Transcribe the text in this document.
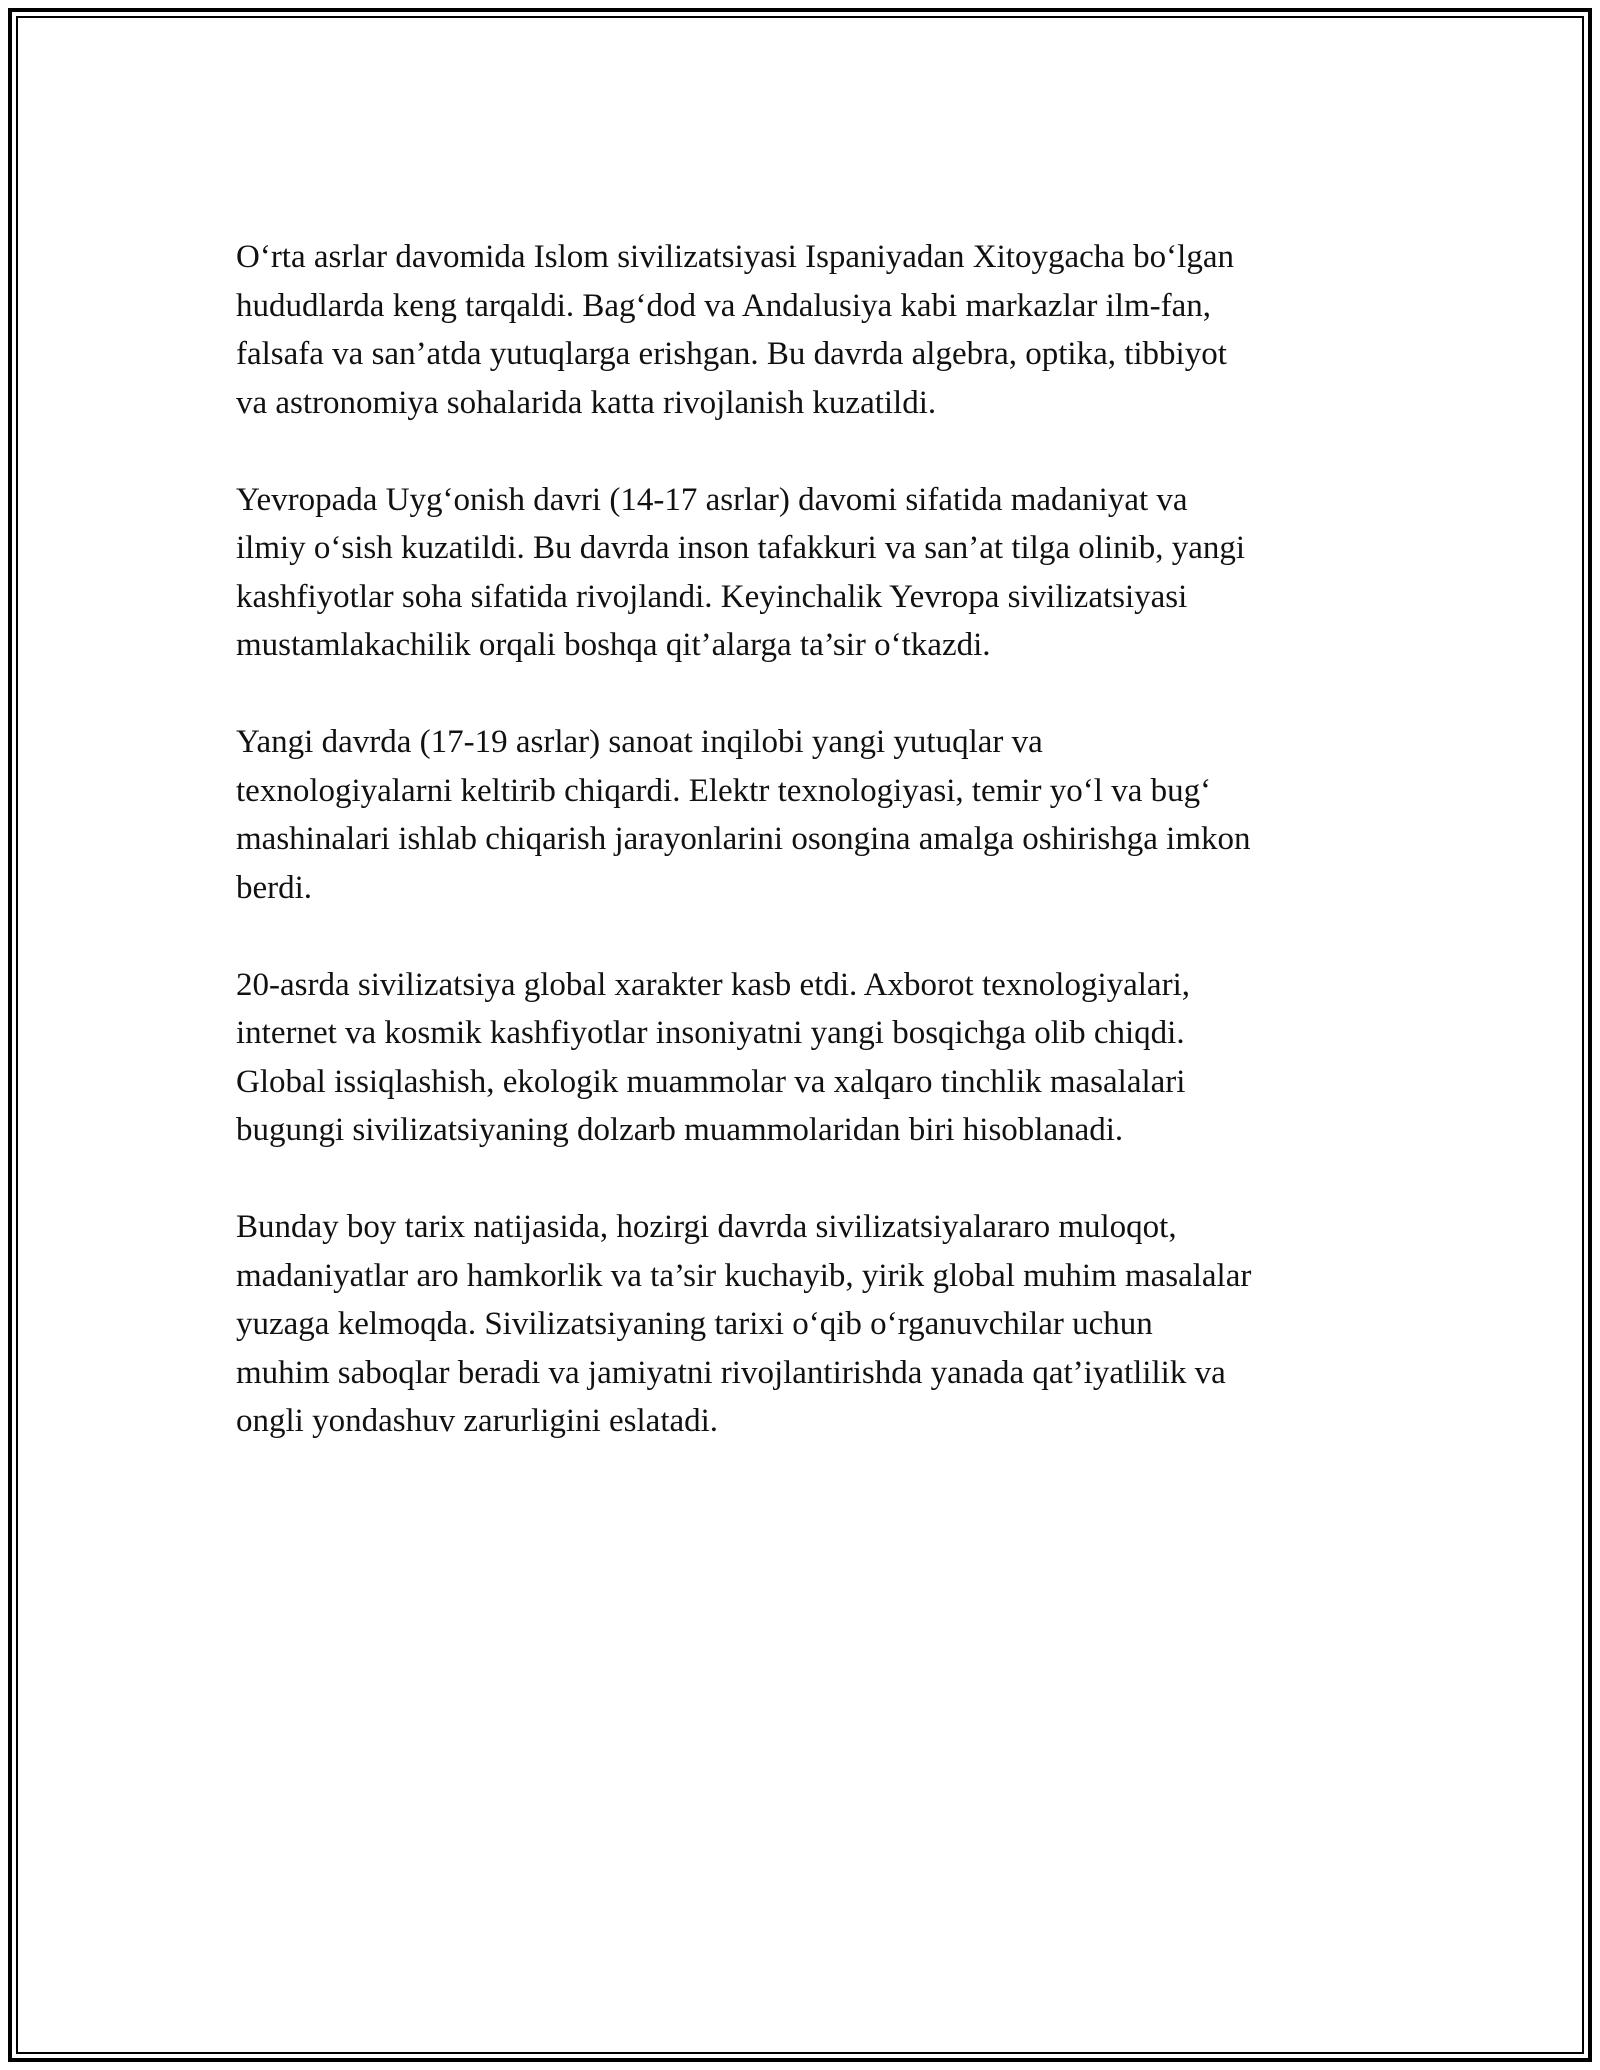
O‘rta asrlar davomida Islom sivilizatsiyasi Ispaniyadan Xitoygacha bo‘lgan
hududlarda keng tarqaldi. Bag‘dod va Andalusiya kabi markazlar ilm-fan,
falsafa va san’atda yutuqlarga erishgan. Bu davrda algebra, optika, tibbiyot
va astronomiya sohalarida katta rivojlanish kuzatildi.

Yevropada Uyg‘onish davri (14-17 asrlar) davomi sifatida madaniyat va
ilmiy o‘sish kuzatildi. Bu davrda inson tafakkuri va san’at tilga olinib, yangi
kashfiyotlar soha sifatida rivojlandi. Keyinchalik Yevropa sivilizatsiyasi
mustamlakachilik orqali boshqa qit’alarga ta’sir o‘tkazdi.

Yangi davrda (17-19 asrlar) sanoat inqilobi yangi yutuqlar va
texnologiyalarni keltirib chiqardi. Elektr texnologiyasi, temir yo‘l va bug‘
mashinalari ishlab chiqarish jarayonlarini osongina amalga oshirishga imkon
berdi.

20-asrda sivilizatsiya global xarakter kasb etdi. Axborot texnologiyalari,
internet va kosmik kashfiyotlar insoniyatni yangi bosqichga olib chiqdi.
Global issiqlashish, ekologik muammolar va xalqaro tinchlik masalalari
bugungi sivilizatsiyaning dolzarb muammolaridan biri hisoblanadi.

Bunday boy tarix natijasida, hozirgi davrda sivilizatsiyalararo muloqot,
madaniyatlar aro hamkorlik va ta’sir kuchayib, yirik global muhim masalalar
yuzaga kelmoqda. Sivilizatsiyaning tarixi o‘qib o‘rganuvchilar uchun
muhim saboqlar beradi va jamiyatni rivojlantirishda yanada qat’iyatlilik va
ongli yondashuv zarurligini eslatadi.
